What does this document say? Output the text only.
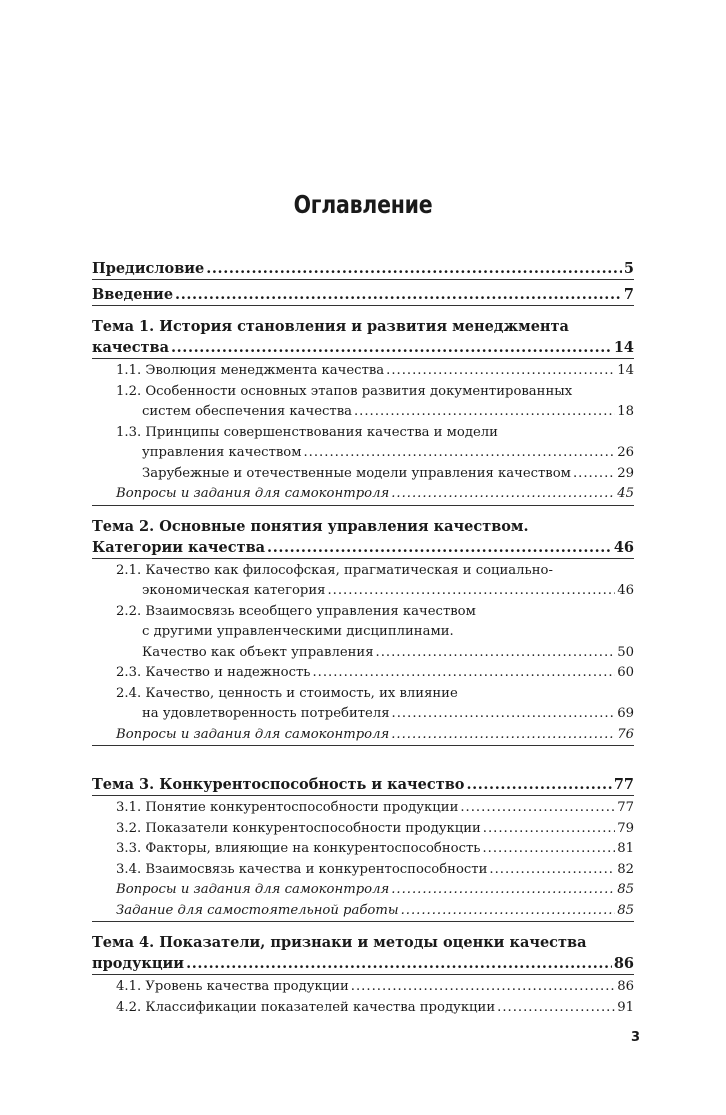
Оглавление
Предисловие .....	5
Введение .....	7
Тема 1. История становления и развития менеджмента
качества .....	14
1.1. Эволюция менеджмента качества .....	14
1.2. Особенности основных этапов развития документированных
систем обеспечения качества .....	18
1.3. Принципы совершенствования качества и модели
управления качеством .....	26
Зарубежные и отечественные модели управления качеством .....	29
Вопросы и задания для самоконтроля .....	45
Тема 2. Основные понятия управления качеством.
Категории качества .....	46
2.1. Качество как философская, прагматическая и социально-
экономическая категория .....	46
2.2. Взаимосвязь всеобщего управления качеством
с другими управленческими дисциплинами.
Качество как объект управления .....	50
2.3. Качество и надежность .....	60
2.4. Качество, ценность и стоимость, их влияние
на удовлетворенность потребителя .....	69
Вопросы и задания для самоконтроля .....	76
Тема 3. Конкурентоспособность и качество .....	77
3.1. Понятие конкурентоспособности продукции .....	77
3.2. Показатели конкурентоспособности продукции .....	79
3.3. Факторы, влияющие на конкурентоспособность .....	81
3.4. Взаимосвязь качества и конкурентоспособности .....	82
Вопросы и задания для самоконтроля .....	85
Задание для самостоятельной работы .....	85
Тема 4. Показатели, признаки и методы оценки качества
продукции .....	86
4.1. Уровень качества продукции .....	86
4.2. Классификации показателей качества продукции .....	91
3
